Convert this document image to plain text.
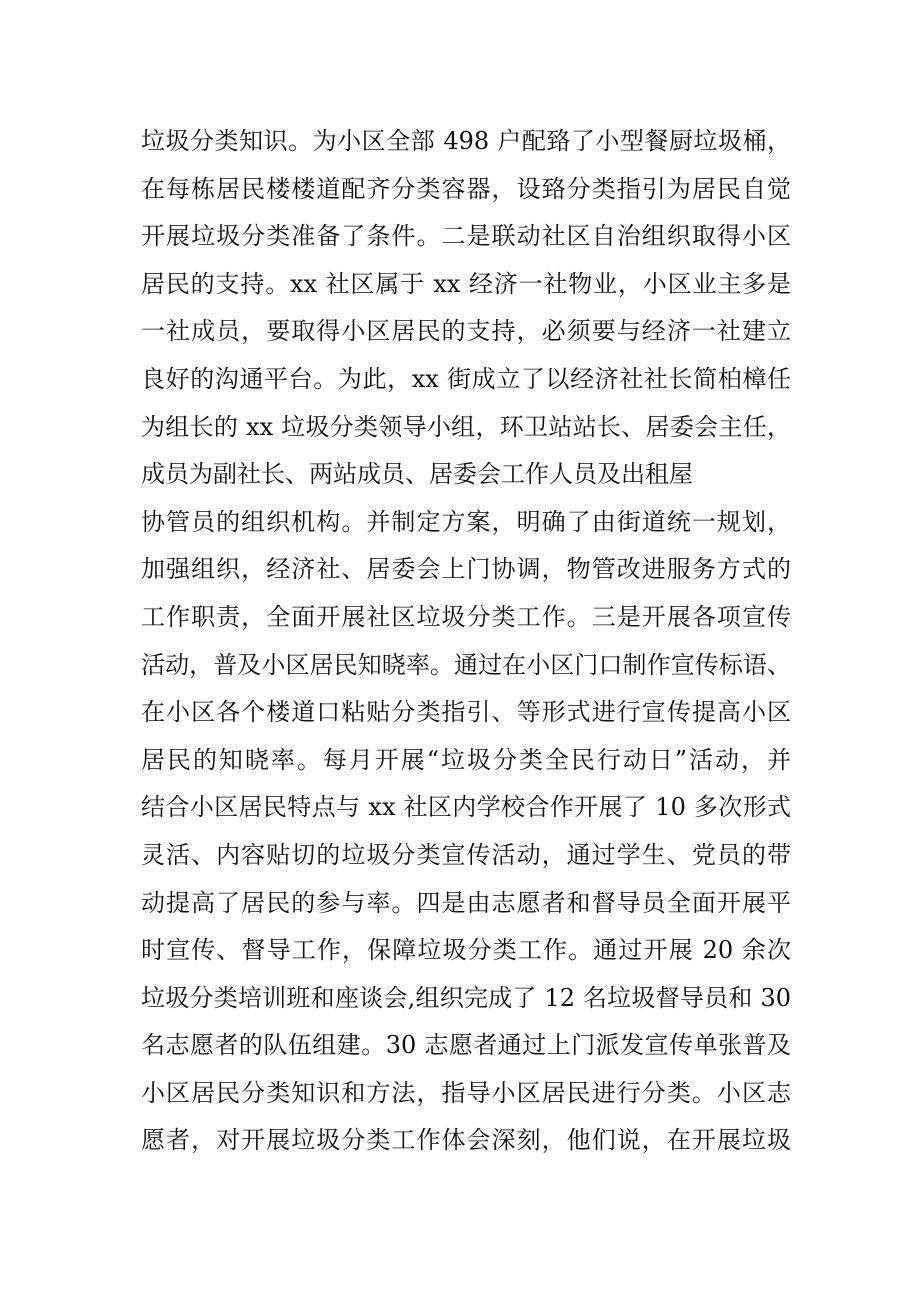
垃圾分类知识。为小区全部 498 户配臵了小型餐厨垃圾桶，
在每栋居民楼楼道配齐分类容器，设臵分类指引为居民自觉
开展垃圾分类准备了条件。二是联动社区自治组织取得小区
居民的支持。xx 社区属于 xx 经济一社物业，小区业主多是
一社成员，要取得小区居民的支持，必须要与经济一社建立
良好的沟通平台。为此，xx 街成立了以经济社社长简柏樟任
为组长的 xx 垃圾分类领导小组，环卫站站长、居委会主任，
成员为副社长、两站成员、居委会工作人员及出租屋
协管员的组织机构。并制定方案，明确了由街道统一规划，
加强组织，经济社、居委会上门协调，物管改进服务方式的
工作职责，全面开展社区垃圾分类工作。三是开展各项宣传
活动，普及小区居民知晓率。通过在小区门口制作宣传标语、
在小区各个楼道口粘贴分类指引、等形式进行宣传提高小区
居民的知晓率。每月开展“垃圾分类全民行动日”活动，并
结合小区居民特点与 xx 社区内学校合作开展了 10 多次形式
灵活、内容贴切的垃圾分类宣传活动，通过学生、党员的带
动提高了居民的参与率。四是由志愿者和督导员全面开展平
时宣传、督导工作，保障垃圾分类工作。通过开展 20 余次
垃圾分类培训班和座谈会,组织完成了 12 名垃圾督导员和 30
名志愿者的队伍组建。30 志愿者通过上门派发宣传单张普及
小区居民分类知识和方法，指导小区居民进行分类。小区志
愿者，对开展垃圾分类工作体会深刻，他们说，在开展垃圾
